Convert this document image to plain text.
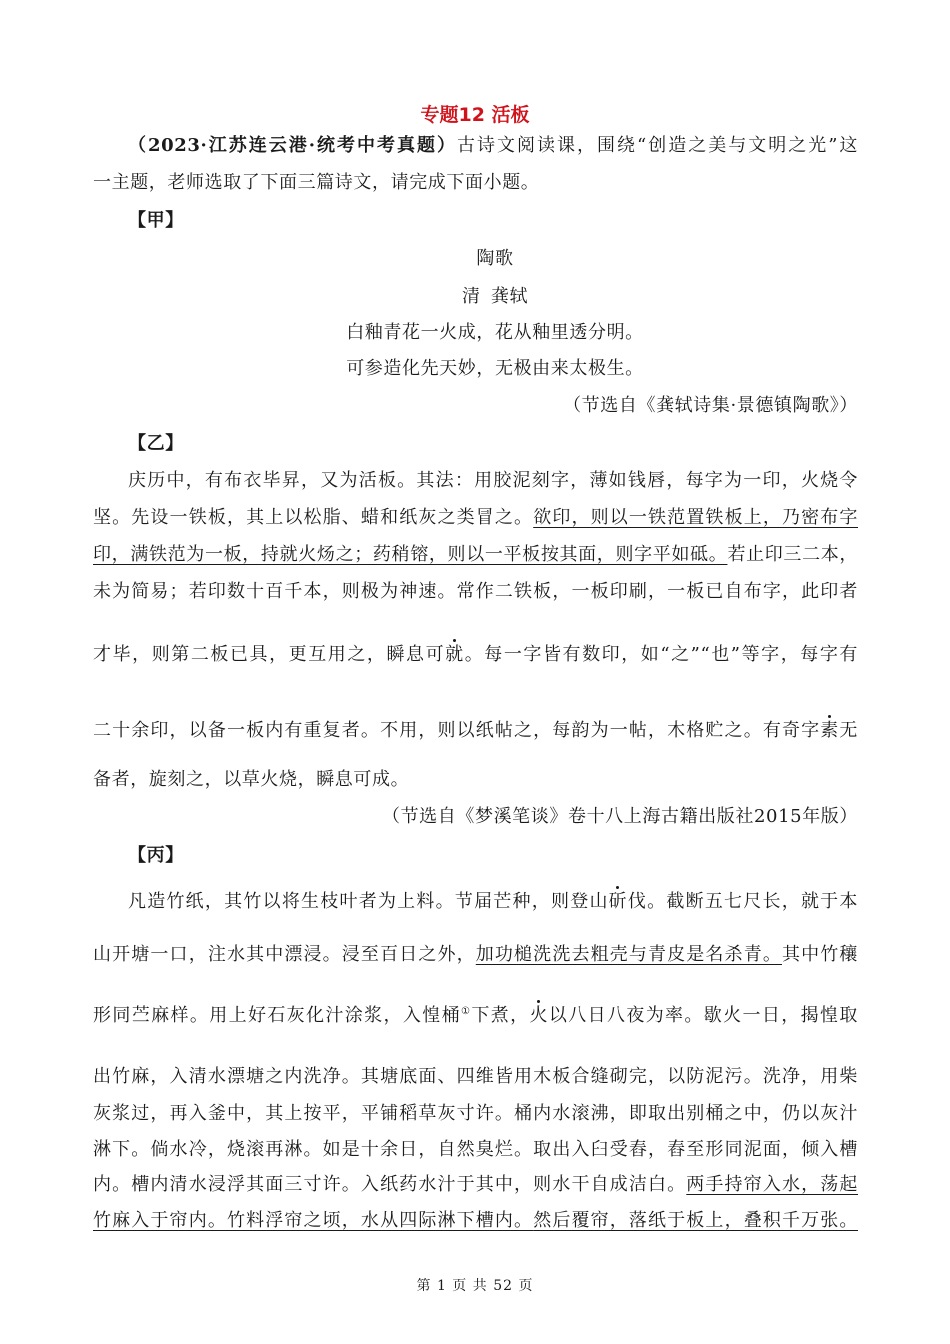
专题12 活板
（2023·江苏连云港·统考中考真题）古诗文阅读课，围绕“创造之美与文明之光”这
一主题，老师选取了下面三篇诗文，请完成下面小题。
【甲】
陶歌
清 龚轼
白釉青花一火成，花从釉里透分明。
可参造化先天妙，无极由来太极生。
（节选自《龚轼诗集·景德镇陶歌》）
【乙】
庆历中，有布衣毕昇，又为活板。其法：用胶泥刻字，薄如钱唇，每字为一印，火烧令
坚。先设一铁板，其上以松脂、蜡和纸灰之类冒之。欲印，则以一铁范置铁板上，乃密布字
印，满铁范为一板，持就火炀之；药稍镕，则以一平板按其面，则字平如砥。若止印三二本，
未为简易；若印数十百千本，则极为神速。常作二铁板，一板印刷，一板已自布字，此印者
才毕，则第二板已具，更互用之，瞬息可就。每一字皆有数印，如“之”“也”等字，每字有
二十余印，以备一板内有重复者。不用，则以纸帖之，每韵为一帖，木格贮之。有奇字素无
备者，旋刻之，以草火烧，瞬息可成。
（节选自《梦溪笔谈》卷十八上海古籍出版社2015年版）
【丙】
凡造竹纸，其竹以将生枝叶者为上料。节届芒种，则登山斫伐。截断五七尺长，就于本
山开塘一口，注水其中漂浸。浸至百日之外，加功槌洗洗去粗壳与青皮是名杀青。其中竹穰
形同苎麻样。用上好石灰化汁涂浆，入惶桶①下煮，火以八日八夜为率。歇火一日，揭惶取
出竹麻，入清水漂塘之内洗净。其塘底面、四维皆用木板合缝砌完，以防泥污。洗净，用柴
灰浆过，再入釜中，其上按平，平铺稻草灰寸许。桶内水滚沸，即取出别桶之中，仍以灰汁
淋下。倘水冷，烧滚再淋。如是十余日，自然臭烂。取出入臼受舂，舂至形同泥面，倾入槽
内。槽内清水浸浮其面三寸许。入纸药水汁于其中，则水干自成洁白。两手持帘入水，荡起
竹麻入于帘内。竹料浮帘之顷，水从四际淋下槽内。然后覆帘，落纸于板上，叠积千万张。
第 1 页 共 52 页
